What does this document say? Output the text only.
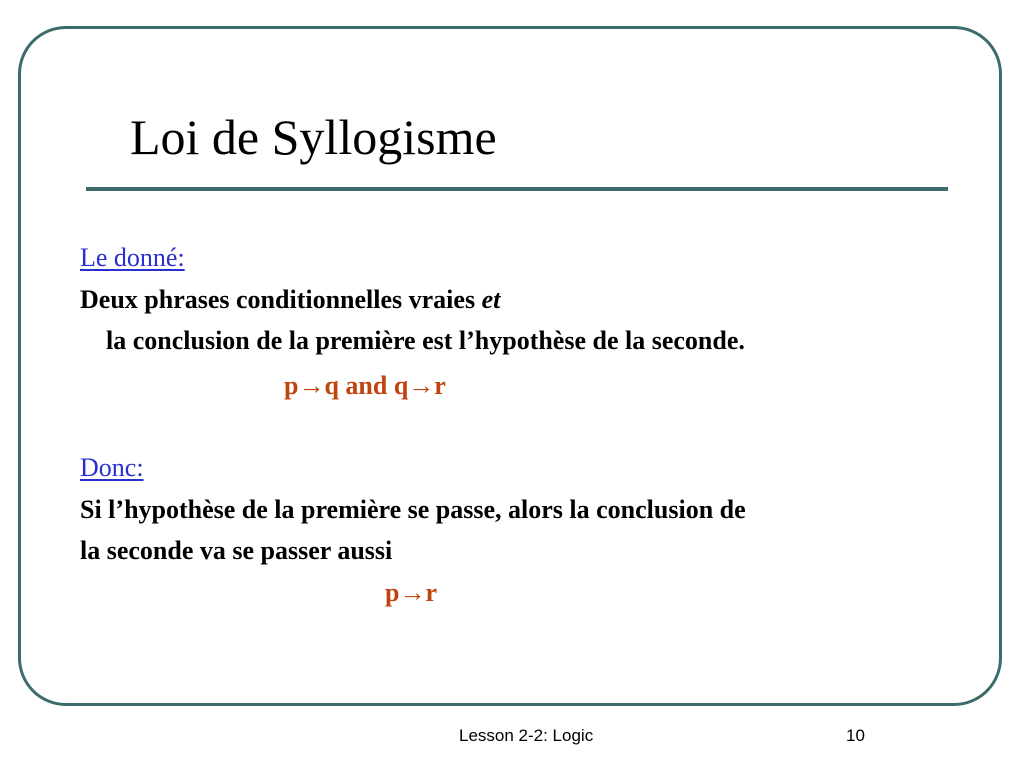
Loi de Syllogisme
Le donné:
Deux phrases conditionnelles vraies et
la conclusion de la première est l’hypothèse de la seconde.
p→q and q→r
Donc:
Si l’hypothèse de la première se passe, alors la conclusion de
la seconde va se passer aussi
p→r
Lesson 2-2: Logic	10
